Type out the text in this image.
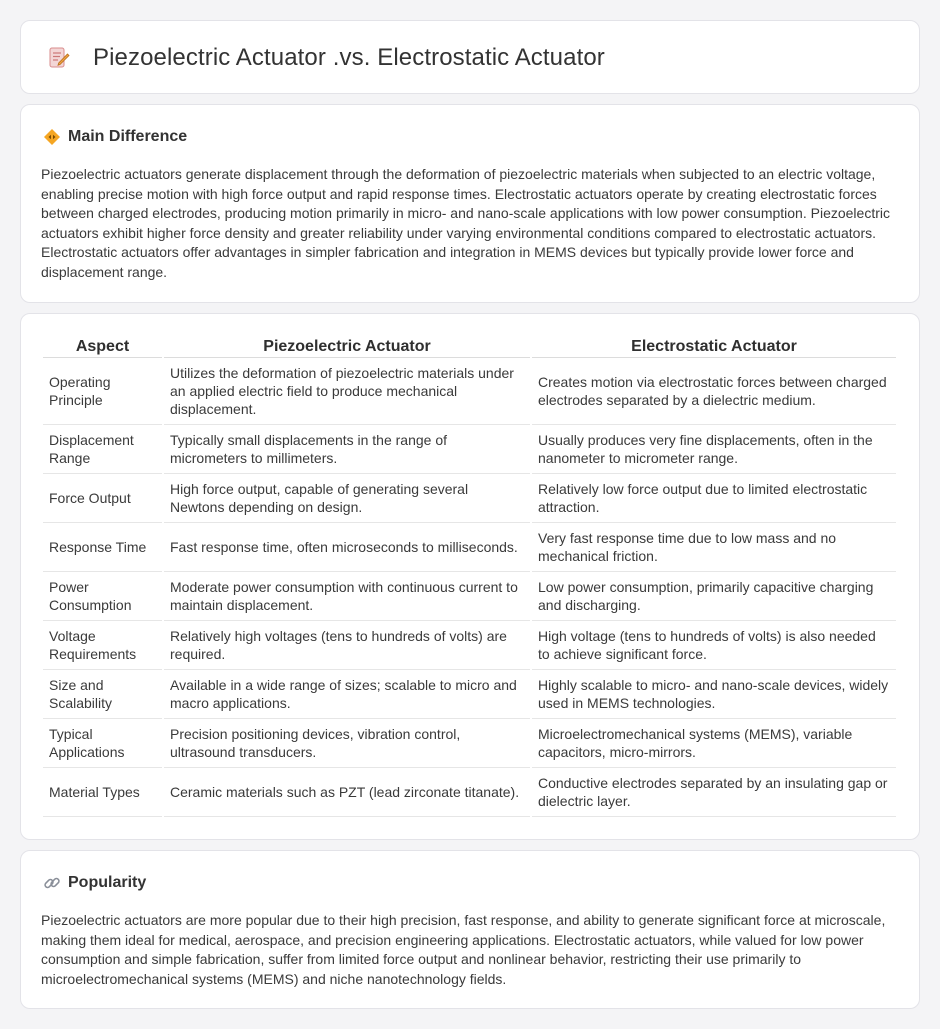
Piezoelectric Actuator .vs. Electrostatic Actuator
Main Difference

Piezoelectric actuators generate displacement through the deformation of piezoelectric materials when subjected to an electric voltage, enabling precise motion with high force output and rapid response times. Electrostatic actuators operate by creating electrostatic forces between charged electrodes, producing motion primarily in micro- and nano-scale applications with low power consumption. Piezoelectric actuators exhibit higher force density and greater reliability under varying environmental conditions compared to electrostatic actuators. Electrostatic actuators offer advantages in simpler fabrication and integration in MEMS devices but typically provide lower force and displacement range.

Aspect	Piezoelectric Actuator	Electrostatic Actuator
Operating Principle	Utilizes the deformation of piezoelectric materials under an applied electric field to produce mechanical displacement.	Creates motion via electrostatic forces between charged electrodes separated by a dielectric medium.
Displacement Range	Typically small displacements in the range of micrometers to millimeters.	Usually produces very fine displacements, often in the nanometer to micrometer range.
Force Output	High force output, capable of generating several Newtons depending on design.	Relatively low force output due to limited electrostatic attraction.
Response Time	Fast response time, often microseconds to milliseconds.	Very fast response time due to low mass and no mechanical friction.
Power Consumption	Moderate power consumption with continuous current to maintain displacement.	Low power consumption, primarily capacitive charging and discharging.
Voltage Requirements	Relatively high voltages (tens to hundreds of volts) are required.	High voltage (tens to hundreds of volts) is also needed to achieve significant force.
Size and Scalability	Available in a wide range of sizes; scalable to micro and macro applications.	Highly scalable to micro- and nano-scale devices, widely used in MEMS technologies.
Typical Applications	Precision positioning devices, vibration control, ultrasound transducers.	Microelectromechanical systems (MEMS), variable capacitors, micro-mirrors.
Material Types	Ceramic materials such as PZT (lead zirconate titanate).	Conductive electrodes separated by an insulating gap or dielectric layer.
Popularity

Piezoelectric actuators are more popular due to their high precision, fast response, and ability to generate significant force at microscale, making them ideal for medical, aerospace, and precision engineering applications. Electrostatic actuators, while valued for low power consumption and simple fabrication, suffer from limited force output and nonlinear behavior, restricting their use primarily to microelectromechanical systems (MEMS) and niche nanotechnology fields.
